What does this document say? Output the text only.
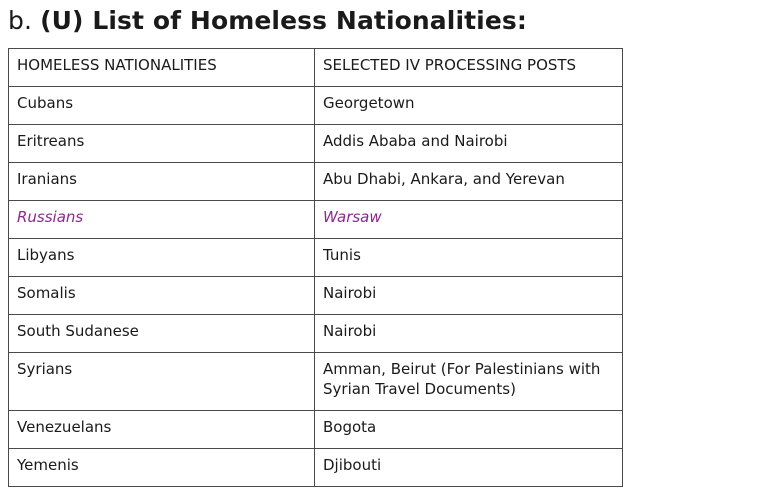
b. (U) List of Homeless Nationalities:
HOMELESS NATIONALITIES	SELECTED IV PROCESSING POSTS
Cubans	Georgetown
Eritreans	Addis Ababa and Nairobi
Iranians	Abu Dhabi, Ankara, and Yerevan
Russians	Warsaw
Libyans	Tunis
Somalis	Nairobi
South Sudanese	Nairobi
Syrians	Amman, Beirut (For Palestinians with Syrian Travel Documents)
Venezuelans	Bogota
Yemenis	Djibouti
